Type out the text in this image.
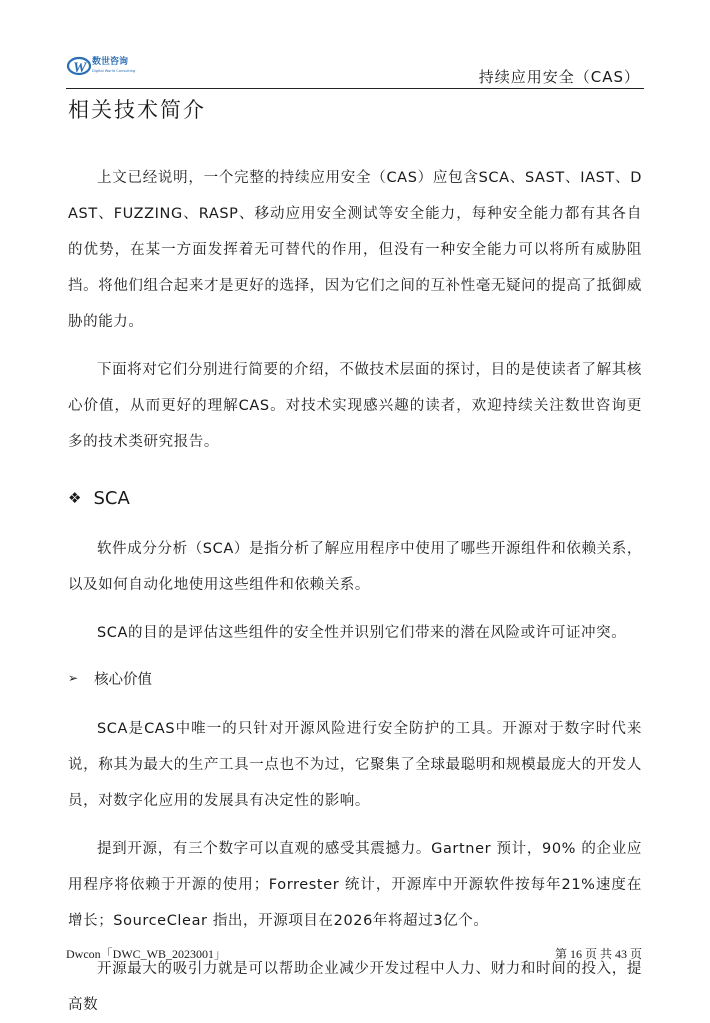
W 数世咨询
Digital World Consulting	持续应用安全（CAS）
相关技术简介

上文已经说明，一个完整的持续应用安全（CAS）应包含SCA、SAST、IAST、DAST、FUZZING、RASP、移动应用安全测试等安全能力，每种安全能力都有其各自的优势，在某一方面发挥着无可替代的作用，但没有一种安全能力可以将所有威胁阻挡。将他们组合起来才是更好的选择，因为它们之间的互补性毫无疑问的提高了抵御威胁的能力。

下面将对它们分别进行简要的介绍，不做技术层面的探讨，目的是使读者了解其核心价值，从而更好的理解CAS。对技术实现感兴趣的读者，欢迎持续关注数世咨询更多的技术类研究报告。

❖ SCA

软件成分分析（SCA）是指分析了解应用程序中使用了哪些开源组件和依赖关系，以及如何自动化地使用这些组件和依赖关系。

SCA的目的是评估这些组件的安全性并识别它们带来的潜在风险或许可证冲突。

➢ 核心价值

SCA是CAS中唯一的只针对开源风险进行安全防护的工具。开源对于数字时代来说，称其为最大的生产工具一点也不为过，它聚集了全球最聪明和规模最庞大的开发人员，对数字化应用的发展具有决定性的影响。

提到开源，有三个数字可以直观的感受其震撼力。Gartner 预计，90% 的企业应用程序将依赖于开源的使用；Forrester 统计，开源库中开源软件按每年21%速度在增长；SourceClear 指出，开源项目在2026年将超过3亿个。

开源最大的吸引力就是可以帮助企业减少开发过程中人力、财力和时间的投入，提高数

Dwcon「DWC_WB_2023001」	第 16 页 共 43 页
